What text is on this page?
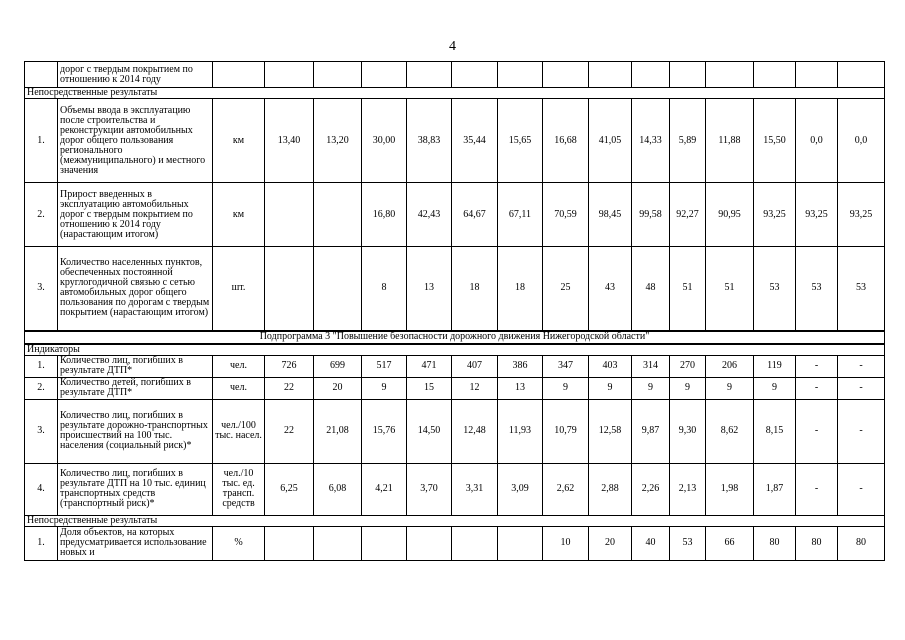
4
	дорог с твердым покрытием по отношению к 2014 году															
Непосредственные результаты																
1.	Объемы ввода в эксплуатацию после строительства и реконструкции автомобильных дорог общего пользования регионального (межмуниципального) и местного значения	км	13,40	13,20	30,00	38,83	35,44	15,65	16,68	41,05	14,33	5,89	11,88	15,50	0,0	0,0
2.	Прирост введенных в эксплуатацию автомобильных дорог с твердым покрытием по отношению к 2014 году (нарастающим итогом)	км			16,80	42,43	64,67	67,11	70,59	98,45	99,58	92,27	90,95	93,25	93,25	93,25
3.	Количество населенных пунктов, обеспеченных постоянной круглогодичной связью с сетью автомобильных дорог общего пользования по дорогам с твердым покрытием (нарастающим итогом)	шт.			8	13	18	18	25	43	48	51	51	53	53	53
Подпрограмма 3 "Повышение безопасности дорожного движения Нижегородской области"																
Индикаторы																
1.	Количество лиц, погибших в результате ДТП*	чел.	726	699	517	471	407	386	347	403	314	270	206	119	-	-
2.	Количество детей, погибших в результате ДТП*	чел.	22	20	9	15	12	13	9	9	9	9	9	9	-	-
3.	Количество лиц, погибших в результате дорожно-транспортных происшествий на 100 тыс. населения (социальный риск)*	чел./100 тыс. насел.	22	21,08	15,76	14,50	12,48	11,93	10,79	12,58	9,87	9,30	8,62	8,15	-	-
4.	Количество лиц, погибших в результате ДТП на 10 тыс. единиц транспортных средств (транспортный риск)*	чел./10 тыс. ед. трансп. средств	6,25	6,08	4,21	3,70	3,31	3,09	2,62	2,88	2,26	2,13	1,98	1,87	-	-
Непосредственные результаты																
1.	Доля объектов, на которых предусматривается использование новых и	%							10	20	40	53	66	80	80	80
